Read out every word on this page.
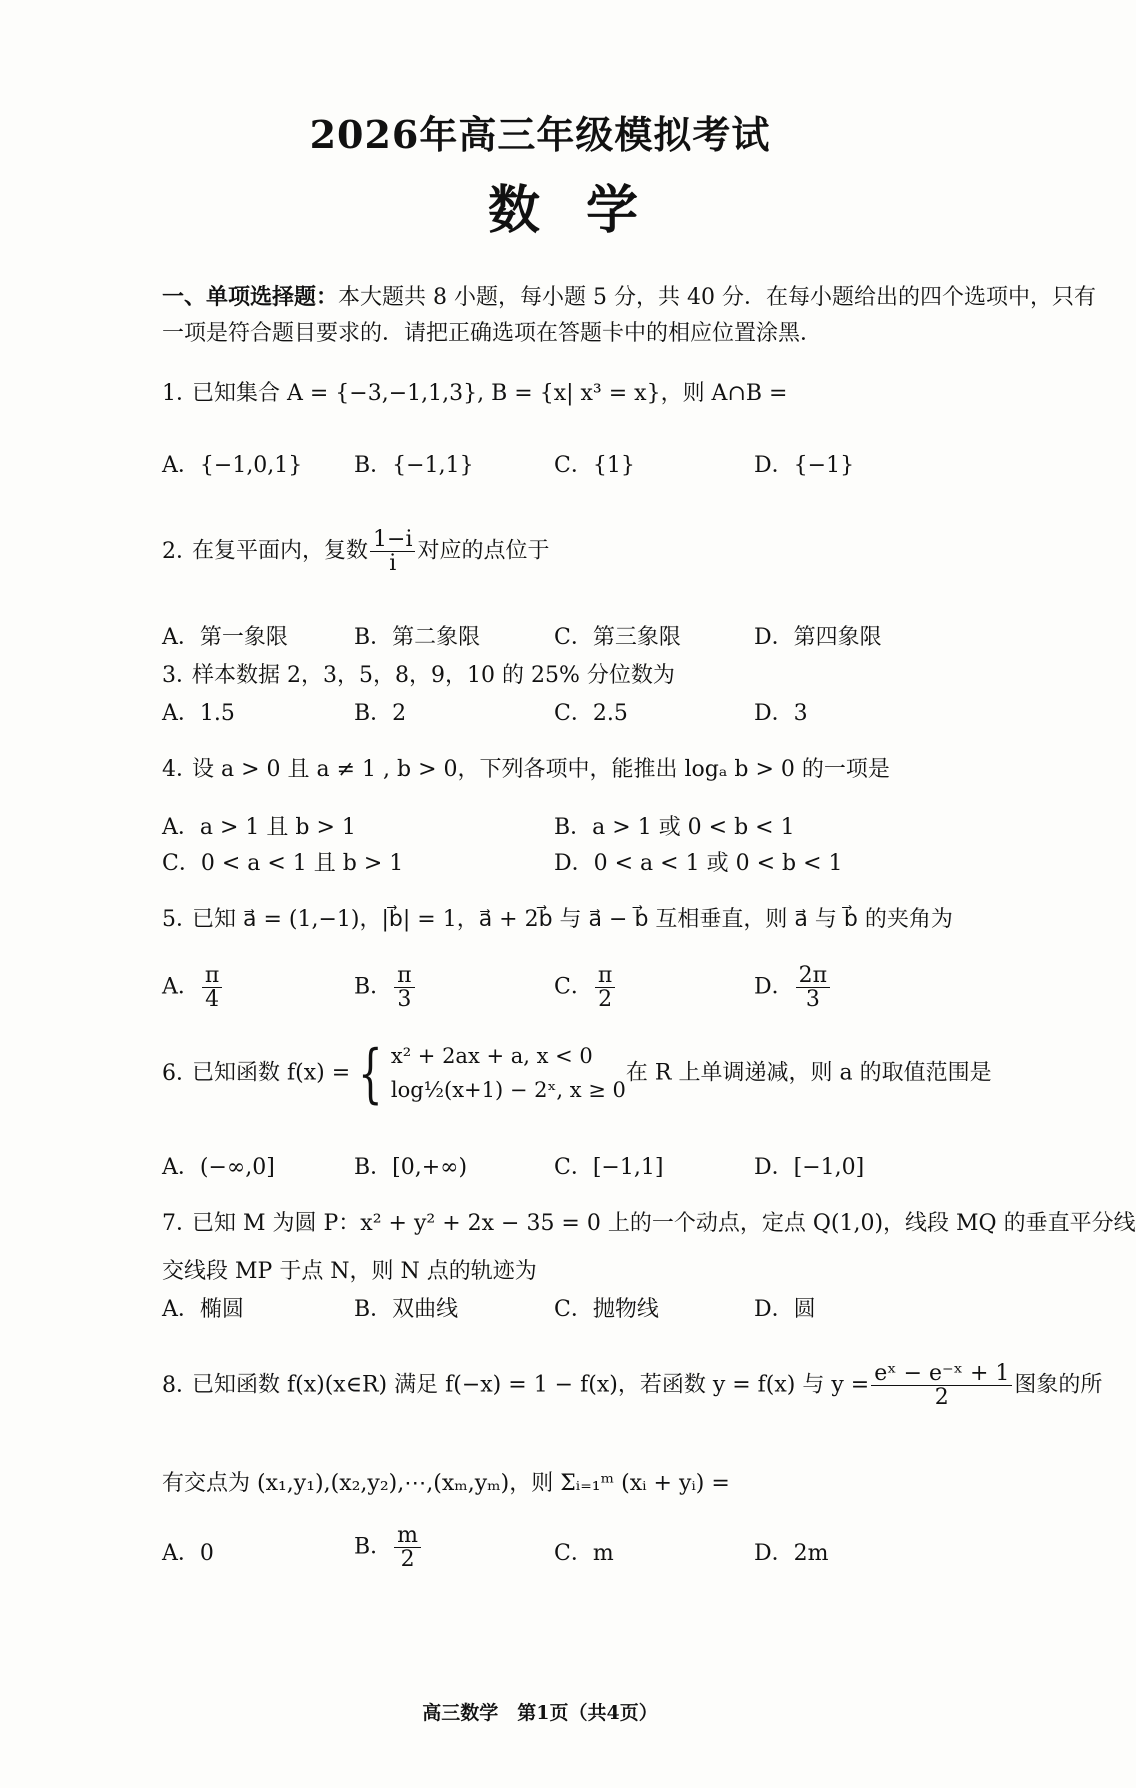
2026年高三年级模拟考试
数学
一、单项选择题：本大题共 8 小题，每小题 5 分，共 40 分．在每小题给出的四个选项中，只有
一项是符合题目要求的．请把正确选项在答题卡中的相应位置涂黑．
1．已知集合 A = {−3,−1,1,3}, B = {x| x³ = x}，则 A∩B =
A．{−1,0,1} B．{−1,1}	C．{1}	D．{−1}
2．在复平面内，复数 $\frac{1-i}{i}$ 对应的点位于
A．第一象限	B．第二象限	C．第三象限	D．第四象限
3．样本数据 2，3，5，8，9，10 的 25% 分位数为
A．1.5	B．2	C．2.5	D．3
4．设 a > 0 且 a ≠ 1 , b > 0，下列各项中，能推出 logₐ b > 0 的一项是
A．a > 1 且 b > 1	B．a > 1 或 0 < b < 1
C．0 < a < 1 且 b > 1	D．0 < a < 1 或 0 < b < 1
5．已知 a⃗ = (1,−1)，|b⃗| = 1，a⃗ + 2b⃗ 与 a⃗ − b⃗ 互相垂直，则 a⃗ 与 b⃗ 的夹角为
A． $\frac{\pi}{4}$	B． $\frac{\pi}{3}$	C． $\frac{\pi}{2}$	D． $\frac{2\pi}{3}$
6．已知函数 f(x) = { x² + 2ax + a, x < 0
log½(x+1) − 2ˣ, x ≥ 0
在 R 上单调递减，则 a 的取值范围是
A．(−∞,0]	B．[0,+∞)	C．[−1,1]	D．[−1,0]
7．已知 M 为圆 P：x² + y² + 2x − 35 = 0 上的一个动点，定点 Q(1,0)，线段 MQ 的垂直平分线
交线段 MP 于点 N，则 N 点的轨迹为
A．椭圆	B．双曲线	C．抛物线	D．圆
8．已知函数 f(x)(x∈R) 满足 f(−x) = 1 − f(x)，若函数 y = f(x) 与 $y = \frac{\text{eˣ − e⁻ˣ + 1}}{2}$ 图象的所
有交点为 (x₁,y₁),(x₂,y₂),⋯,(xₘ,yₘ)，则 Σᵢ₌₁ᵐ (xᵢ + yᵢ) =
A．0	B． $\frac{m}{2}$	C．m	D．2m
高三数学　第1页（共4页）
